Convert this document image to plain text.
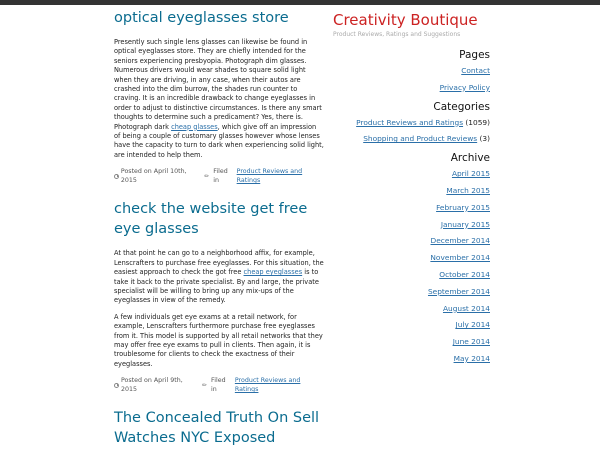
optical eyeglasses store

Presently such single lens glasses can likewise be found in optical eyeglasses store. They are chiefly intended for the seniors experiencing presbyopia. Photograph dim glasses. Numerous drivers would wear shades to square solid light when they are driving, in any case, when their autos are crashed into the dim burrow, the shades run counter to craving. It is an incredible drawback to change eyeglasses in order to adjust to distinctive circumstances. Is there any smart thoughts to determine such a predicament? Yes, there is. Photograph dark cheap glasses, which give off an impression of being a couple of customary glasses however whose lenses have the capacity to turn to dark when experiencing solid light, are intended to help them.

Posted on April 10th, 2015
✏
Filed in
Product Reviews and Ratings
check the website get free eye glasses

At that point he can go to a neighborhood affix, for example, Lenscrafters to purchase free eyeglasses. For this situation, the easiest approach to check the got free cheap eyeglasses is to take it back to the private specialist. By and large, the private specialist will be willing to bring up any mix-ups of the eyeglasses in view of the remedy.

A few individuals get eye exams at a retail network, for example, Lenscrafters furthermore purchase free eyeglasses from it. This model is supported by all retail networks that they may offer free eye exams to pull in clients. Then again, it is troublesome for clients to check the exactness of their eyeglasses.

Posted on April 9th, 2015
✏
Filed in
Product Reviews and Ratings
The Concealed Truth On Sell Watches NYC Exposed
Creativity Boutique
Product Reviews, Ratings and Suggestions
Pages
Contact
Privacy Policy
Categories
Product Reviews and Ratings (1059)
Shopping and Product Reviews (3)
Archive
April 2015
March 2015
February 2015
January 2015
December 2014
November 2014
October 2014
September 2014
August 2014
July 2014
June 2014
May 2014
